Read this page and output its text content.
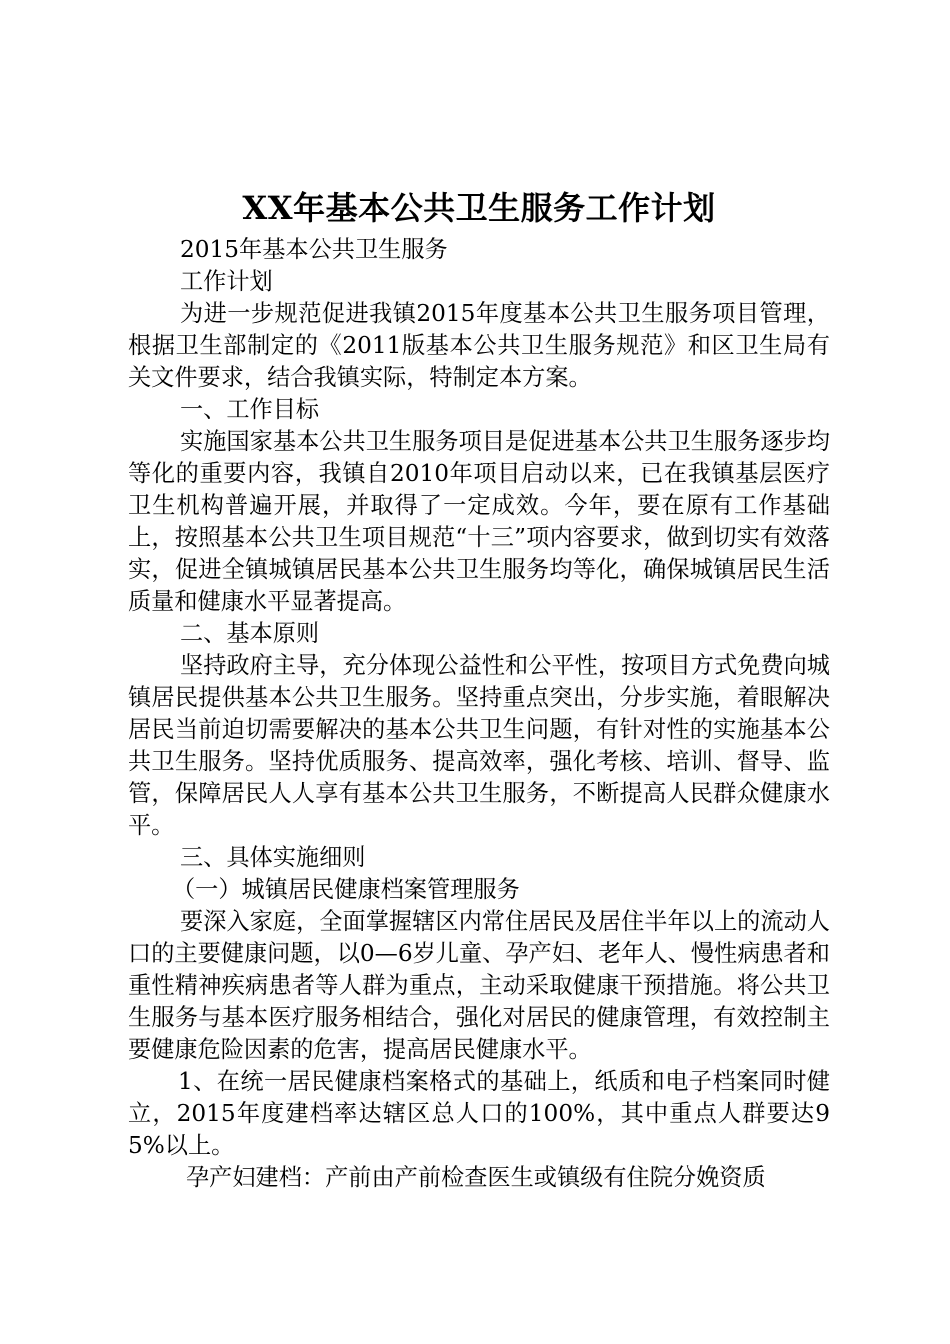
XX年基本公共卫生服务工作计划

2015年基本公共卫生服务

工作计划

为进一步规范促进我镇2015年度基本公共卫生服务项目管理，根据卫生部制定的《2011版基本公共卫生服务规范》和区卫生局有关文件要求，结合我镇实际，特制定本方案。

一、工作目标

实施国家基本公共卫生服务项目是促进基本公共卫生服务逐步均等化的重要内容，我镇自2010年项目启动以来，已在我镇基层医疗卫生机构普遍开展，并取得了一定成效。今年，要在原有工作基础上，按照基本公共卫生项目规范“十三”项内容要求，做到切实有效落实，促进全镇城镇居民基本公共卫生服务均等化，确保城镇居民生活质量和健康水平显著提高。

二、基本原则

坚持政府主导，充分体现公益性和公平性，按项目方式免费向城镇居民提供基本公共卫生服务。坚持重点突出，分步实施，着眼解决居民当前迫切需要解决的基本公共卫生问题，有针对性的实施基本公共卫生服务。坚持优质服务、提高效率，强化考核、培训、督导、监管，保障居民人人享有基本公共卫生服务，不断提高人民群众健康水平。

三、具体实施细则

（一）城镇居民健康档案管理服务

要深入家庭，全面掌握辖区内常住居民及居住半年以上的流动人口的主要健康问题，以0—6岁儿童、孕产妇、老年人、慢性病患者和重性精神疾病患者等人群为重点，主动采取健康干预措施。将公共卫生服务与基本医疗服务相结合，强化对居民的健康管理，有效控制主要健康危险因素的危害，提高居民健康水平。

1、在统一居民健康档案格式的基础上，纸质和电子档案同时健立，2015年度建档率达辖区总人口的100%，其中重点人群要达95%以上。

孕产妇建档：产前由产前检查医生或镇级有住院分娩资质
